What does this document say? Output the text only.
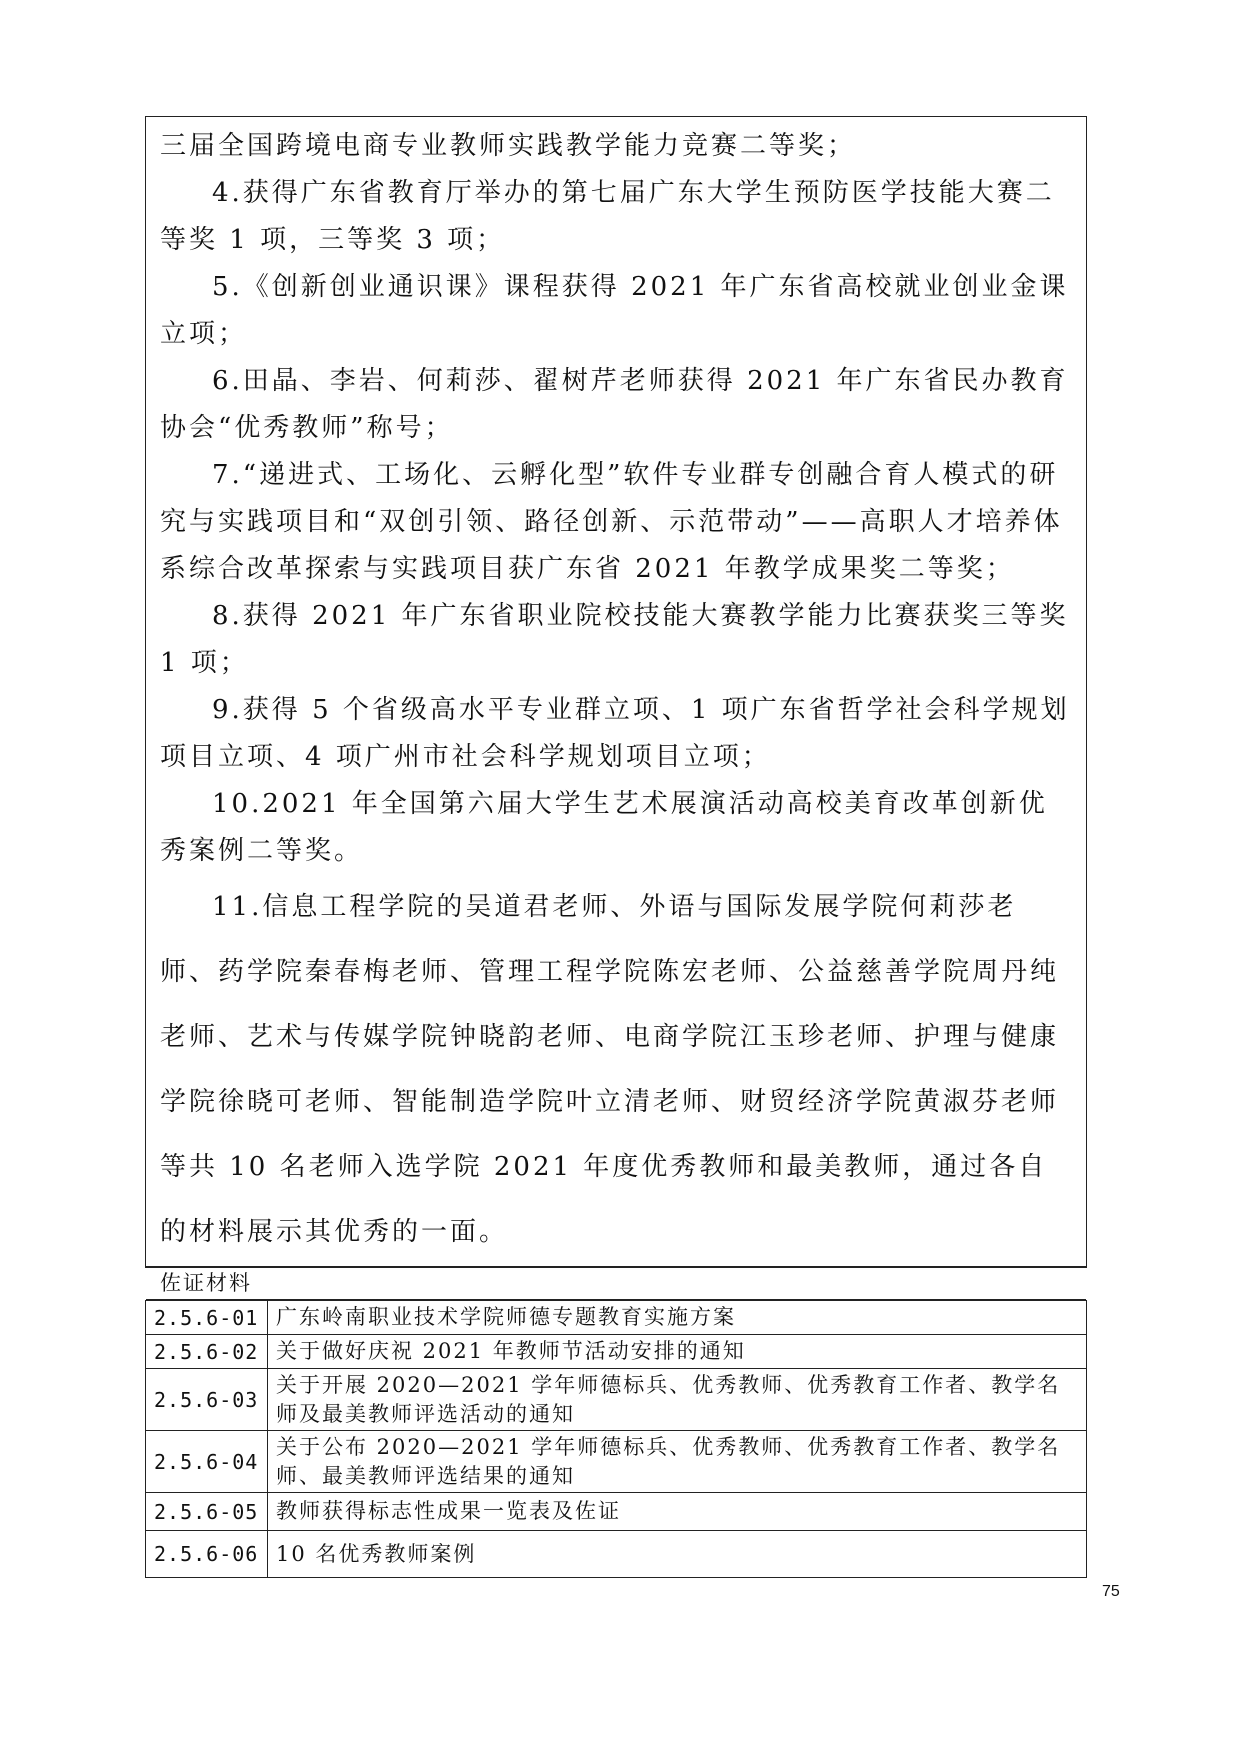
三届全国跨境电商专业教师实践教学能力竞赛二等奖；

4.获得广东省教育厅举办的第七届广东大学生预防医学技能大赛二等奖 1 项，三等奖 3 项；

5.《创新创业通识课》课程获得 2021 年广东省高校就业创业金课立项；

6.田晶、李岩、何莉莎、翟树芹老师获得 2021 年广东省民办教育协会“优秀教师”称号；

7.“递进式、工场化、云孵化型”软件专业群专创融合育人模式的研究与实践项目和“双创引领、路径创新、示范带动”——高职人才培养体系综合改革探索与实践项目获广东省 2021 年教学成果奖二等奖；

8.获得 2021 年广东省职业院校技能大赛教学能力比赛获奖三等奖 1 项；

9.获得 5 个省级高水平专业群立项、1 项广东省哲学社会科学规划项目立项、4 项广州市社会科学规划项目立项；

10.2021 年全国第六届大学生艺术展演活动高校美育改革创新优秀案例二等奖。

11.信息工程学院的吴道君老师、外语与国际发展学院何莉莎老师、药学院秦春梅老师、管理工程学院陈宏老师、公益慈善学院周丹纯老师、艺术与传媒学院钟晓韵老师、电商学院江玉珍老师、护理与健康学院徐晓可老师、智能制造学院叶立清老师、财贸经济学院黄淑芬老师等共 10 名老师入选学院 2021 年度优秀教师和最美教师，通过各自的材料展示其优秀的一面。

佐证材料
2.5.6-01	广东岭南职业技术学院师德专题教育实施方案
2.5.6-02	关于做好庆祝 2021 年教师节活动安排的通知
2.5.6-03	关于开展 2020—2021 学年师德标兵、优秀教师、优秀教育工作者、教学名师及最美教师评选活动的通知
2.5.6-04	关于公布 2020—2021 学年师德标兵、优秀教师、优秀教育工作者、教学名师、最美教师评选结果的通知
2.5.6-05	教师获得标志性成果一览表及佐证
2.5.6-06	10 名优秀教师案例
75
